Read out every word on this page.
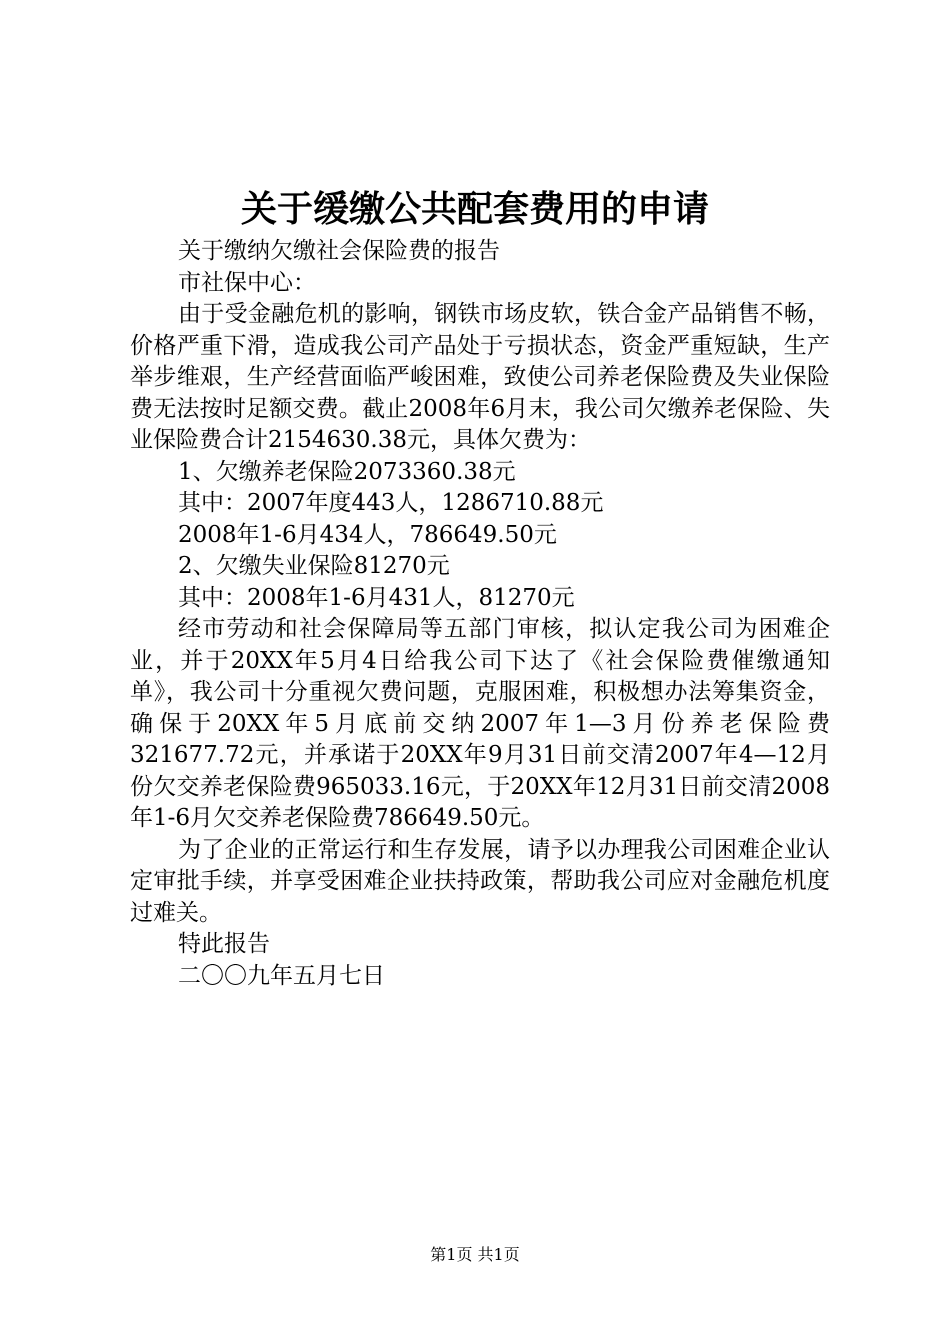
关于缓缴公共配套费用的申请

关于缴纳欠缴社会保险费的报告

市社保中心：

由于受金融危机的影响，钢铁市场皮软，铁合金产品销售不畅，价格严重下滑，造成我公司产品处于亏损状态，资金严重短缺，生产举步维艰，生产经营面临严峻困难，致使公司养老保险费及失业保险费无法按时足额交费。截止2008年6月末，我公司欠缴养老保险、失业保险费合计2154630.38元，具体欠费为：

1、欠缴养老保险2073360.38元

其中：2007年度443人，1286710.88元

2008年1-6月434人，786649.50元

2、欠缴失业保险81270元

其中：2008年1-6月431人，81270元

经市劳动和社会保障局等五部门审核，拟认定我公司为困难企业，并于20XX年5月4日给我公司下达了《社会保险费催缴通知单》，我公司十分重视欠费问题，克服困难，积极想办法筹集资金，确保于20XX年5月底前交纳2007年1—3月份养老保险费321677.72元，并承诺于20XX年9月31日前交清2007年4—12月份欠交养老保险费965033.16元，于20XX年12月31日前交清2008年1-6月欠交养老保险费786649.50元。

为了企业的正常运行和生存发展，请予以办理我公司困难企业认定审批手续，并享受困难企业扶持政策，帮助我公司应对金融危机度过难关。

特此报告

二〇〇九年五月七日

第1页 共1页
